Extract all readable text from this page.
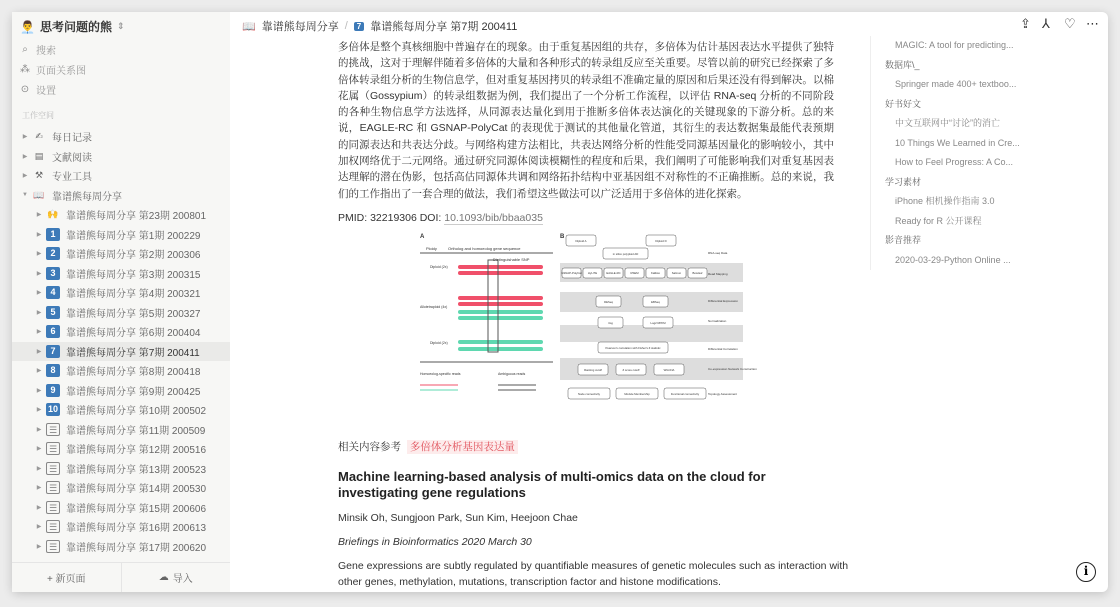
👨‍💼 思考问题的熊 ⇕
⌕ 搜索
⁂ 页面关系图
⊙ 设置
工作空间
▶ ✍ 每日记录
▶ ▤ 文献阅读
▶ ⚒ 专业工具
▼ 📖 靠谱熊每周分享
▶ 🙌 靠谱熊每周分享 第23期 200801
▶	1	靠谱熊每周分享 第1期 200229
▶	2	靠谱熊每周分享 第2期 200306
▶	3	靠谱熊每周分享 第3期 200315
▶	4	靠谱熊每周分享 第4期 200321
▶	5	靠谱熊每周分享 第5期 200327
▶	6	靠谱熊每周分享 第6期 200404
▶	7	靠谱熊每周分享 第7期 200411
▶	8	靠谱熊每周分享 第8期 200418
▶	9	靠谱熊每周分享 第9期 200425
▶ 10 靠谱熊每周分享 第10期 200502
▶ ☰ 靠谱熊每周分享 第11期 200509
▶ ☰ 靠谱熊每周分享 第12期 200516
▶ ☰ 靠谱熊每周分享 第13期 200523
▶ ☰ 靠谱熊每周分享 第14期 200530
▶ ☰ 靠谱熊每周分享 第15期 200606
▶ ☰ 靠谱熊每周分享 第16期 200613
▶ ☰ 靠谱熊每周分享 第17期 200620
+ 新页面	☁ 导入
📖 靠谱熊每周分享 /	7 靠谱熊每周分享 第7期 200411	⇪ ⅄ ♡ ⋯

多倍体是整个真核细胞中普遍存在的现象。由于重复基因组的共存，多倍体为估计基因表达水平提供了独特的挑战，这对于理解伴随着多倍体的大量和各种形式的转录组反应至关重要。尽管以前的研究已经探索了多倍体转录组分析的生物信息学，但对重复基因拷贝的转录组不准确定量的原因和后果还没有得到解决。以棉花属（Gossypium）的转录组数据为例，我们提出了一个分析工作流程，以评估 RNA-seq 分析的不同阶段的各种生物信息学方法选择，从同源表达量化到用于推断多倍体表达演化的关键现象的下游分析。总的来说，EAGLE-RC 和 GSNAP-PolyCat 的表现优于测试的其他量化管道，其衍生的表达数据集最能代表预期的同源表达和共表达分歧。与网络构建方法相比，共表达网络分析的性能受同源基因量化的影响较小，其中加权网络优于二元网络。通过研究同源体阅读模糊性的程度和后果，我们阐明了可能影响我们对重复基因表达理解的潜在伪影，包括高估同源体共调和网络拓扑结构中亚基因组不对称性的不正确推断。总的来说，我们的工作指出了一套合理的做法，我们希望这些做法可以广泛适用于多倍体的进化探索。

PMID: 32219306 DOI: 10.1093/bib/bbaa035

A	B
Ploidy	Ortholog and homoeolog gene sequence
Distinguishable SNP
Diploid (2x)
Allotetraploid (4x)
Diploid (2x)
Homoeolog-specific reads	Ambiguous reads
RNA-seq Data
Read Mapping
Differential Expression
Normalization
Differential Correlation
Co-expression Network Construction
Topology Assessment
GSNAP-PolyCat HyLiTE	EAGLE-RC	RSEM	Kallisto	Salmon	Bowtie2
Diploid A	Diploid D
in silico polyploid AD
DESeq	EBSeq
rlog	Log2 RPKM
Pearson's correlation with Fisher's Z statistic
Ranking cutoff	Z score cutoff	WGCNA
Node connectivity	Module Membership	Functional connectivity

相关内容参考 多倍体分析基因表达量

Machine learning-based analysis of multi-omics data on the cloud for investigating gene regulations

Minsik Oh, Sungjoon Park, Sun Kim, Heejoon Chae

Briefings in Bioinformatics 2020 March 30

Gene expressions are subtly regulated by quantifiable measures of genetic molecules such as interaction with other genes, methylation, mutations, transcription factor and histone modifications.

MAGIC: A tool for predicting...
数据库\_
Springer made 400+ textboo...
好书好文
中文互联网中“讨论”的消亡
10 Things We Learned in Cre...
How to Feel Progress: A Co...
学习素材
iPhone 相机操作指南 3.0
Ready for R 公开课程
影音推荐
2020-03-29-Python Online ...
i
